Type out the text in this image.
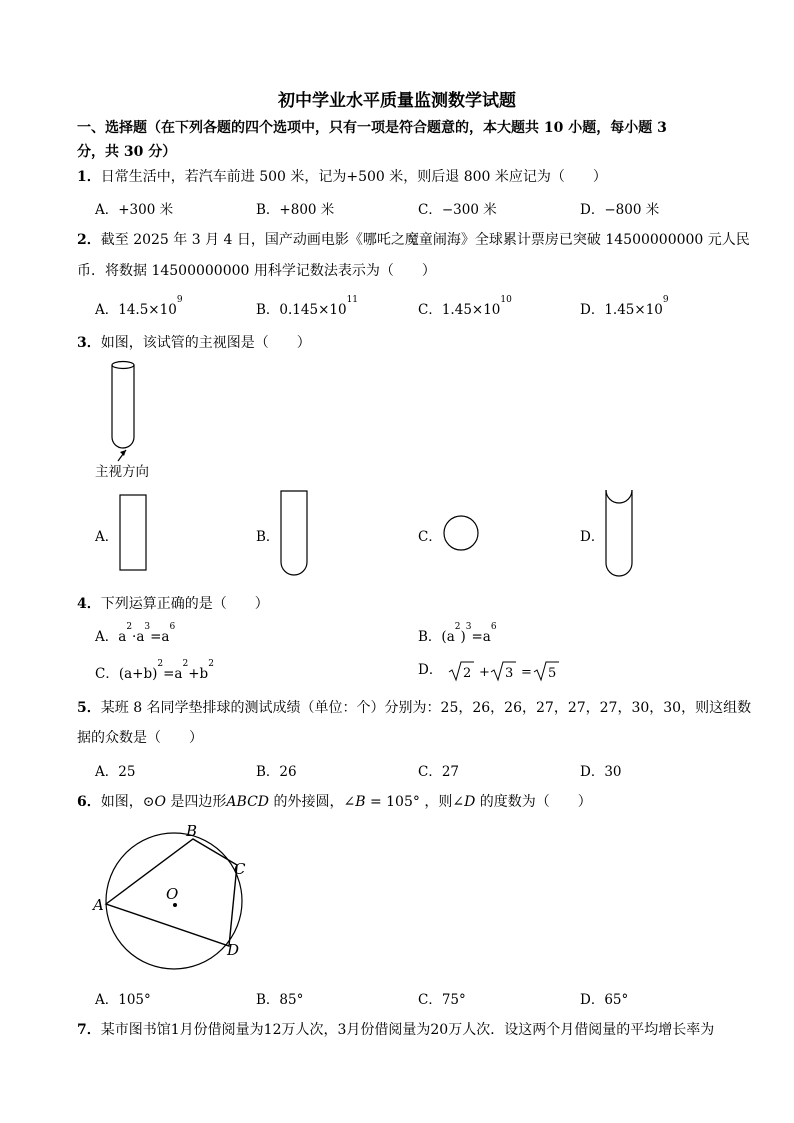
初中学业水平质量监测数学试题
一、选择题（在下列各题的四个选项中，只有一项是符合题意的，本大题共 10 小题，每小题 3
分，共 30 分）
1．日常生活中，若汽车前进 500 米，记为+500 米，则后退 800 米应记为（　　）
A．+300 米	B．+800 米	C．−300 米	D．−800 米
2．截至 2025 年 3 月 4 日，国产动画电影《哪吒之魔童闹海》全球累计票房已突破 14500000000 元人民
币．将数据 14500000000 用科学记数法表示为（　　）
A．$14.5\times 10^9$
B．$0.145\times 10^{11}$
C．$1.45\times 10^{10}$
D．$1.45\times 10^9$
3．如图，该试管的主视图是（　　）
主视方向
A．	B．	C．	D．
4．下列运算正确的是（　　）
A．$a^2\cdot a^3=a^6$
B．$(a^2)^3=a^6$
C．$(a+b)^2=a^2+b^2$	D． 2 + 3 = 5
5．某班 8 名同学垫排球的测试成绩（单位：个）分别为：25，26，26，27，27，27，30，30，则这组数
据的众数是（　　）
A．25	B．26	C．27	D．30
6．如图，⊙O 是四边形ABCD 的外接圆，∠B = 105° ，则∠D 的度数为（　　）
A
B
C
D
O
A．105°	B．85°	C．75°	D．65°
7．某市图书馆1月份借阅量为12万人次，3月份借阅量为20万人次．设这两个月借阅量的平均增长率为
